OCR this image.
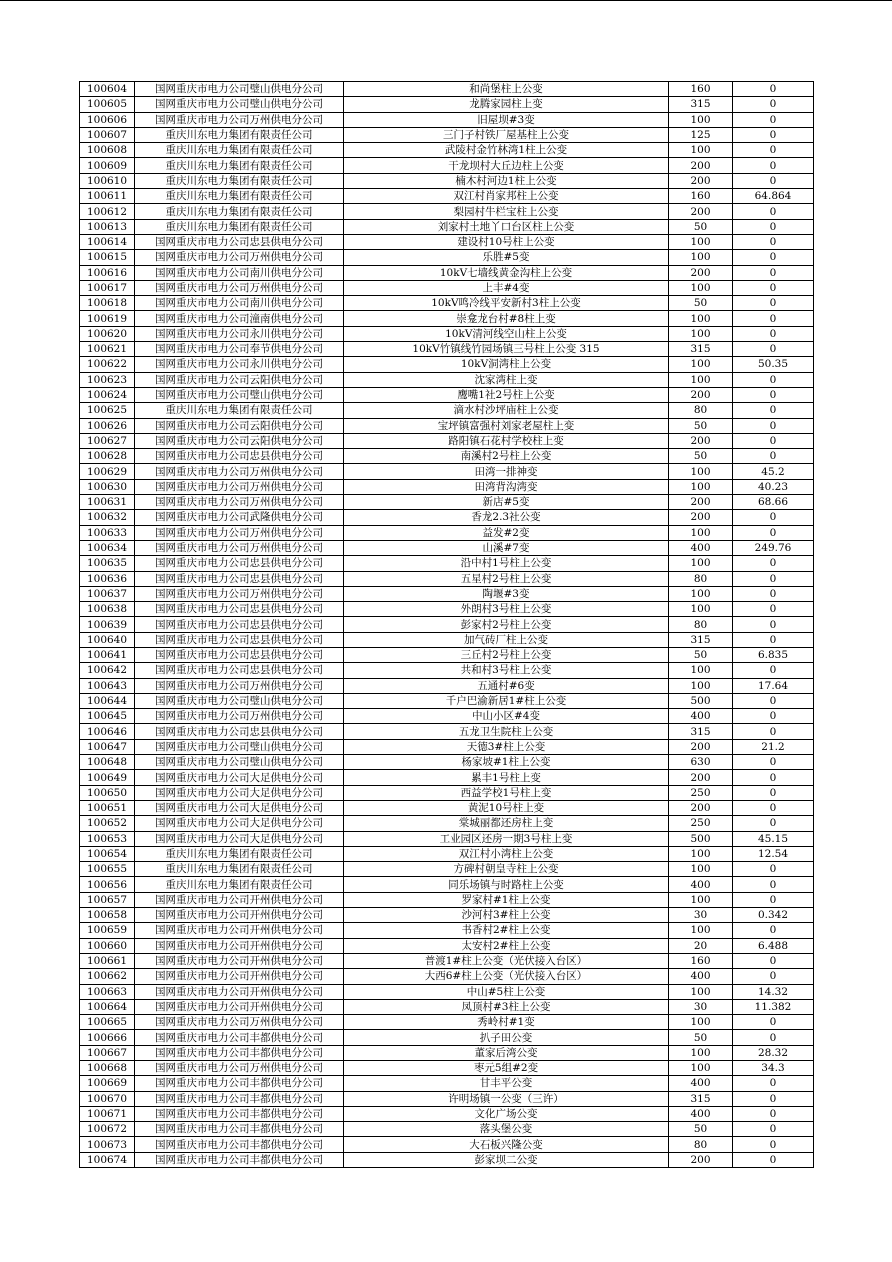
100604	国网重庆市电力公司璧山供电分公司	和尚堡柱上公变	160	0
100605	国网重庆市电力公司璧山供电分公司	龙腾家园柱上变	315	0
100606	国网重庆市电力公司万州供电分公司	旧屋坝#3变	100	0
100607	重庆川东电力集团有限责任公司	三门子村铁厂屋基柱上公变	125	0
100608	重庆川东电力集团有限责任公司	武陵村金竹林湾1柱上公变	100	0
100609	重庆川东电力集团有限责任公司	干龙坝村大丘边柱上公变	200	0
100610	重庆川东电力集团有限责任公司	楠木村河边1柱上公变	200	0
100611	重庆川东电力集团有限责任公司	双江村肖家邦柱上公变	160	64.864
100612	重庆川东电力集团有限责任公司	梨园村牛栏宝柱上公变	200	0
100613	重庆川东电力集团有限责任公司	刘家村土地丫口台区柱上公变	50	0
100614	国网重庆市电力公司忠县供电分公司	建设村10号柱上公变	100	0
100615	国网重庆市电力公司万州供电分公司	乐胜#5变	100	0
100616	国网重庆市电力公司南川供电分公司	10kV七墙线黄金沟柱上公变	200	0
100617	国网重庆市电力公司万州供电分公司	上丰#4变	100	0
100618	国网重庆市电力公司南川供电分公司	10kV鸣冷线平安新村3柱上公变	50	0
100619	国网重庆市电力公司潼南供电分公司	崇龛龙台村#8柱上变	100	0
100620	国网重庆市电力公司永川供电分公司	10kV清河线空山柱上公变	100	0
100621	国网重庆市电力公司奉节供电分公司	10kV竹镇线竹园场镇三号柱上公变 315	315	0
100622	国网重庆市电力公司永川供电分公司	10kV洞湾柱上公变	100	50.35
100623	国网重庆市电力公司云阳供电分公司	沈家湾柱上变	100	0
100624	国网重庆市电力公司璧山供电分公司	鹰嘴1社2号柱上公变	200	0
100625	重庆川东电力集团有限责任公司	滴水村沙坪庙柱上公变	80	0
100626	国网重庆市电力公司云阳供电分公司	宝坪镇富强村刘家老屋柱上变	50	0
100627	国网重庆市电力公司云阳供电分公司	路阳镇石花村学校柱上变	200	0
100628	国网重庆市电力公司忠县供电分公司	南溪村2号柱上公变	50	0
100629	国网重庆市电力公司万州供电分公司	田湾一排神变	100	45.2
100630	国网重庆市电力公司万州供电分公司	田湾背沟湾变	100	40.23
100631	国网重庆市电力公司万州供电分公司	新店#5变	200	68.66
100632	国网重庆市电力公司武隆供电分公司	香龙2.3社公变	200	0
100633	国网重庆市电力公司万州供电分公司	益发#2变	100	0
100634	国网重庆市电力公司万州供电分公司	山溪#7变	400	249.76
100635	国网重庆市电力公司忠县供电分公司	沿中村1号柱上公变	100	0
100636	国网重庆市电力公司忠县供电分公司	五星村2号柱上公变	80	0
100637	国网重庆市电力公司万州供电分公司	陶堰#3变	100	0
100638	国网重庆市电力公司忠县供电分公司	外朗村3号柱上公变	100	0
100639	国网重庆市电力公司忠县供电分公司	彭家村2号柱上公变	80	0
100640	国网重庆市电力公司忠县供电分公司	加气砖厂柱上公变	315	0
100641	国网重庆市电力公司忠县供电分公司	三丘村2号柱上公变	50	6.835
100642	国网重庆市电力公司忠县供电分公司	共和村3号柱上公变	100	0
100643	国网重庆市电力公司万州供电分公司	五通村#6变	100	17.64
100644	国网重庆市电力公司璧山供电分公司	千户巴渝新居1#柱上公变	500	0
100645	国网重庆市电力公司万州供电分公司	中山小区#4变	400	0
100646	国网重庆市电力公司忠县供电分公司	五龙卫生院柱上公变	315	0
100647	国网重庆市电力公司璧山供电分公司	天德3#柱上公变	200	21.2
100648	国网重庆市电力公司璧山供电分公司	杨家坡#1柱上公变	630	0
100649	国网重庆市电力公司大足供电分公司	累丰1号柱上变	200	0
100650	国网重庆市电力公司大足供电分公司	西益学校1号柱上变	250	0
100651	国网重庆市电力公司大足供电分公司	黄泥10号柱上变	200	0
100652	国网重庆市电力公司大足供电分公司	棠城丽都还房柱上变	250	0
100653	国网重庆市电力公司大足供电分公司	工业园区还房一期3号柱上变	500	45.15
100654	重庆川东电力集团有限责任公司	双江村小湾柱上公变	100	12.54
100655	重庆川东电力集团有限责任公司	方碑村朝皇寺柱上公变	100	0
100656	重庆川东电力集团有限责任公司	同乐场镇与时路柱上公变	400	0
100657	国网重庆市电力公司开州供电分公司	罗家村#1柱上公变	100	0
100658	国网重庆市电力公司开州供电分公司	沙河村3#柱上公变	30	0.342
100659	国网重庆市电力公司开州供电分公司	书香村2#柱上公变	100	0
100660	国网重庆市电力公司开州供电分公司	太安村2#柱上公变	20	6.488
100661	国网重庆市电力公司开州供电分公司	普渡1#柱上公变（光伏接入台区）	160	0
100662	国网重庆市电力公司开州供电分公司	大西6#柱上公变（光伏接入台区）	400	0
100663	国网重庆市电力公司开州供电分公司	中山#5柱上公变	100	14.32
100664	国网重庆市电力公司开州供电分公司	凤顶村#3柱上公变	30	11.382
100665	国网重庆市电力公司万州供电分公司	秀岭村#1变	100	0
100666	国网重庆市电力公司丰都供电分公司	扒子田公变	50	0
100667	国网重庆市电力公司丰都供电分公司	董家后湾公变	100	28.32
100668	国网重庆市电力公司万州供电分公司	枣元5组#2变	100	34.3
100669	国网重庆市电力公司丰都供电分公司	甘丰平公变	400	0
100670	国网重庆市电力公司丰都供电分公司	许明场镇一公变（三许）	315	0
100671	国网重庆市电力公司丰都供电分公司	文化广场公变	400	0
100672	国网重庆市电力公司丰都供电分公司	落头堡公变	50	0
100673	国网重庆市电力公司丰都供电分公司	大石板兴隆公变	80	0
100674	国网重庆市电力公司丰都供电分公司	彭家坝二公变	200	0
